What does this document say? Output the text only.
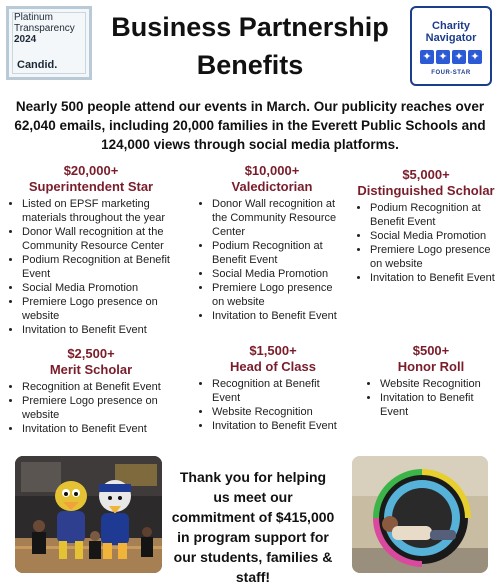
Platinum
Transparency
2024
Candid.
Business Partnership
Benefits
Charity
Navigator
✦ ✦ ✦ ✦
FOUR-STAR
Nearly 500 people attend our events in March. Our publicity reaches over 62,040 emails, including 20,000 families in the Everett Public Schools and 124,000 views through social media platforms.
$20,000+
Superintendent Star
• Listed on EPSF marketing materials throughout the year
• Donor Wall recognition at the Community Resource Center
• Podium Recognition at Benefit Event
• Social Media Promotion
• Premiere Logo presence on website
• Invitation to Benefit Event
$10,000+
Valedictorian
• Donor Wall recognition at the Community Resource Center
• Podium Recognition at Benefit Event
• Social Media Promotion
• Premiere Logo presence on website
• Invitation to Benefit Event
$5,000+
Distinguished Scholar
• Podium Recognition at Benefit Event
• Social Media Promotion
• Premiere Logo presence on website
• Invitation to Benefit Event
$2,500+
Merit Scholar
• Recognition at Benefit Event
• Premiere Logo presence on website
• Invitation to Benefit Event
$1,500+
Head of Class
• Recognition at Benefit Event
• Website Recognition
• Invitation to Benefit Event
$500+
Honor Roll
• Website Recognition
• Invitation to Benefit Event
Thank you for helping us meet our commitment of $415,000 in program support for our students, families & staff!
